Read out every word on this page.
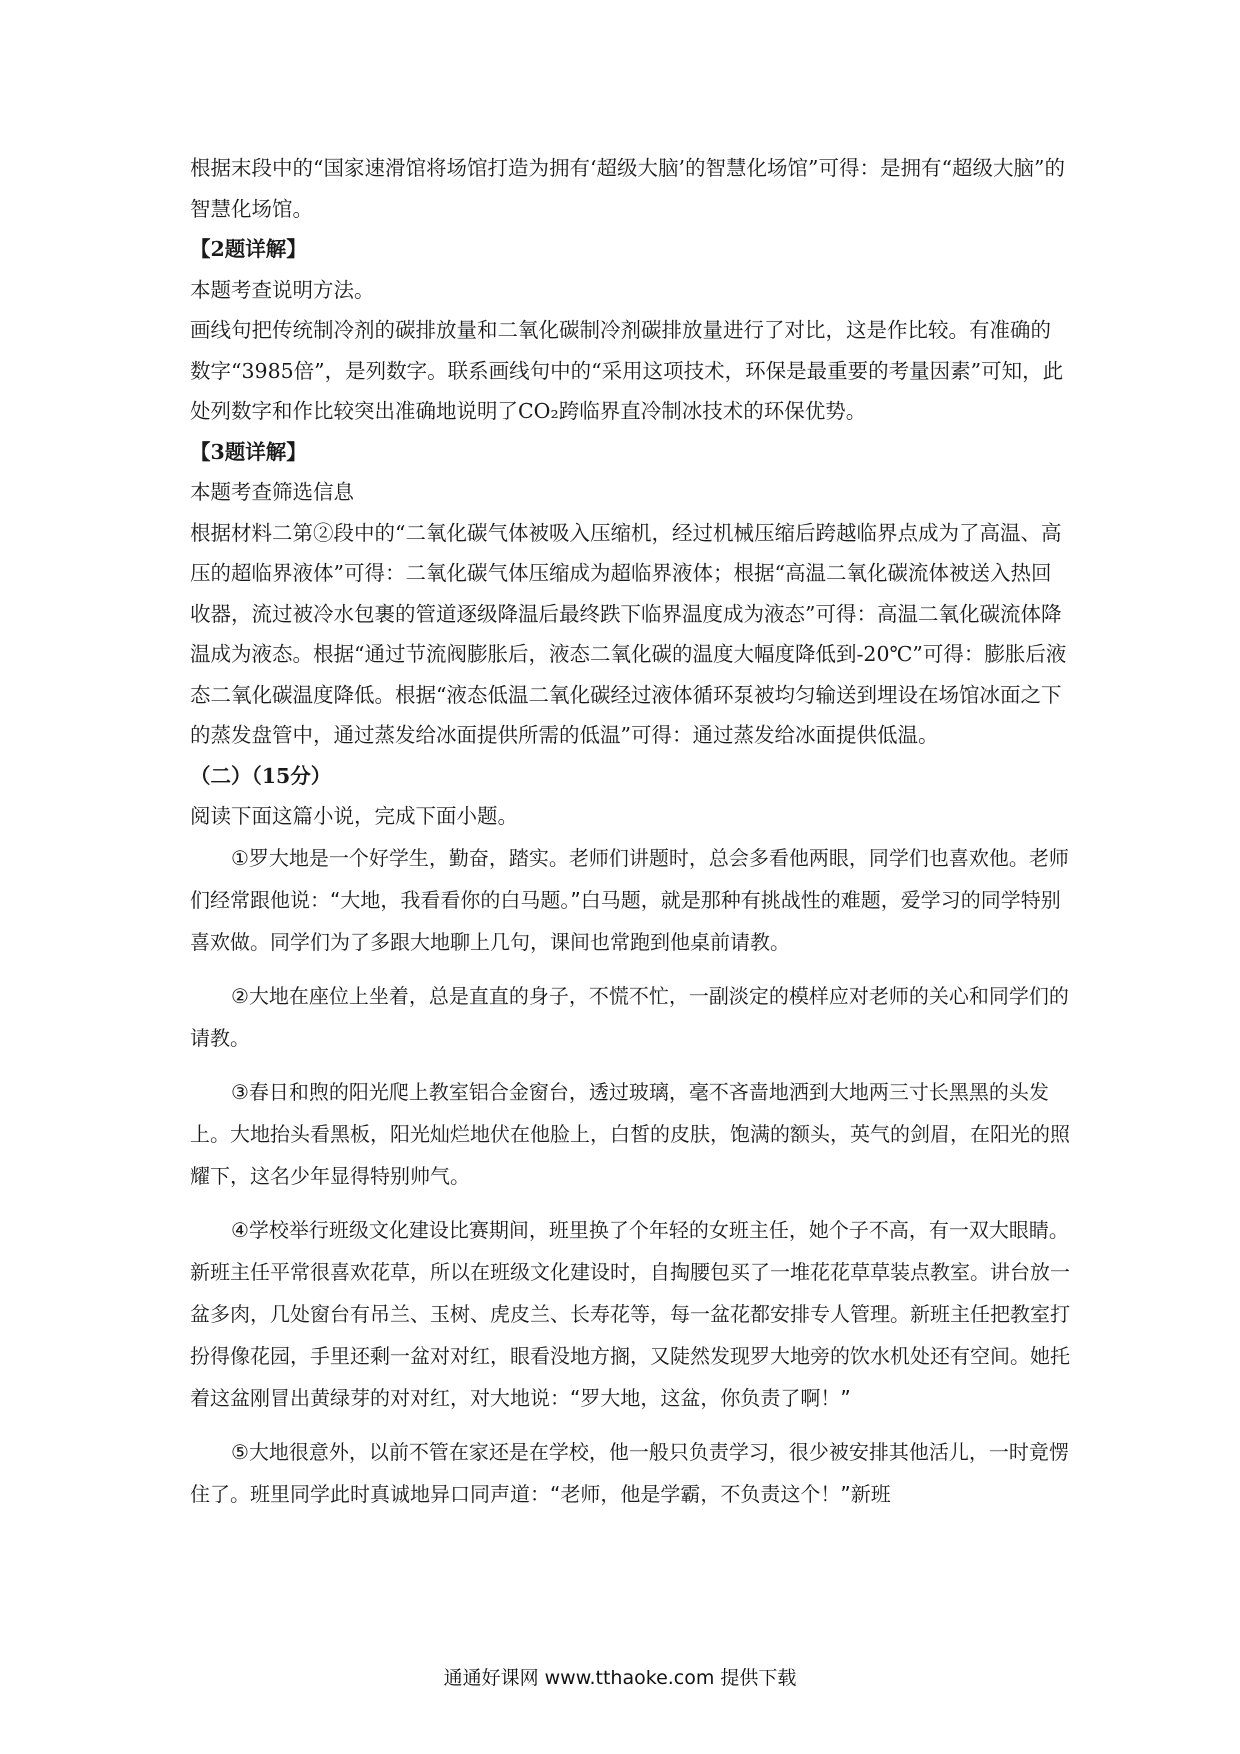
根据末段中的“国家速滑馆将场馆打造为拥有‘超级大脑’的智慧化场馆”可得：是拥有“超级大脑”的智慧化场馆。

【2题详解】

本题考查说明方法。

画线句把传统制冷剂的碳排放量和二氧化碳制冷剂碳排放量进行了对比，这是作比较。有准确的数字“3985倍”，是列数字。联系画线句中的“采用这项技术，环保是最重要的考量因素”可知，此处列数字和作比较突出准确地说明了CO₂跨临界直冷制冰技术的环保优势。

【3题详解】

本题考查筛选信息

根据材料二第②段中的“二氧化碳气体被吸入压缩机，经过机械压缩后跨越临界点成为了高温、高压的超临界液体”可得：二氧化碳气体压缩成为超临界液体；根据“高温二氧化碳流体被送入热回收器，流过被冷水包裹的管道逐级降温后最终跌下临界温度成为液态”可得：高温二氧化碳流体降温成为液态。根据“通过节流阀膨胀后，液态二氧化碳的温度大幅度降低到-20℃”可得：膨胀后液态二氧化碳温度降低。根据“液态低温二氧化碳经过液体循环泵被均匀输送到埋设在场馆冰面之下的蒸发盘管中，通过蒸发给冰面提供所需的低温”可得：通过蒸发给冰面提供低温。

（二）（15分）

阅读下面这篇小说，完成下面小题。

①罗大地是一个好学生，勤奋，踏实。老师们讲题时，总会多看他两眼，同学们也喜欢他。老师们经常跟他说：“大地，我看看你的白马题。”白马题，就是那种有挑战性的难题，爱学习的同学特别喜欢做。同学们为了多跟大地聊上几句，课间也常跑到他桌前请教。

②大地在座位上坐着，总是直直的身子，不慌不忙，一副淡定的模样应对老师的关心和同学们的请教。

③春日和煦的阳光爬上教室铝合金窗台，透过玻璃，毫不吝啬地洒到大地两三寸长黑黑的头发上。大地抬头看黑板，阳光灿烂地伏在他脸上，白皙的皮肤，饱满的额头，英气的剑眉，在阳光的照耀下，这名少年显得特别帅气。

④学校举行班级文化建设比赛期间，班里换了个年轻的女班主任，她个子不高，有一双大眼睛。新班主任平常很喜欢花草，所以在班级文化建设时，自掏腰包买了一堆花花草草装点教室。讲台放一盆多肉，几处窗台有吊兰、玉树、虎皮兰、长寿花等，每一盆花都安排专人管理。新班主任把教室打扮得像花园，手里还剩一盆对对红，眼看没地方搁，又陡然发现罗大地旁的饮水机处还有空间。她托着这盆刚冒出黄绿芽的对对红，对大地说：“罗大地，这盆，你负责了啊！”

⑤大地很意外，以前不管在家还是在学校，他一般只负责学习，很少被安排其他活儿，一时竟愣住了。班里同学此时真诚地异口同声道：“老师，他是学霸，不负责这个！”新班

通通好课网 www.tthaoke.com 提供下载
